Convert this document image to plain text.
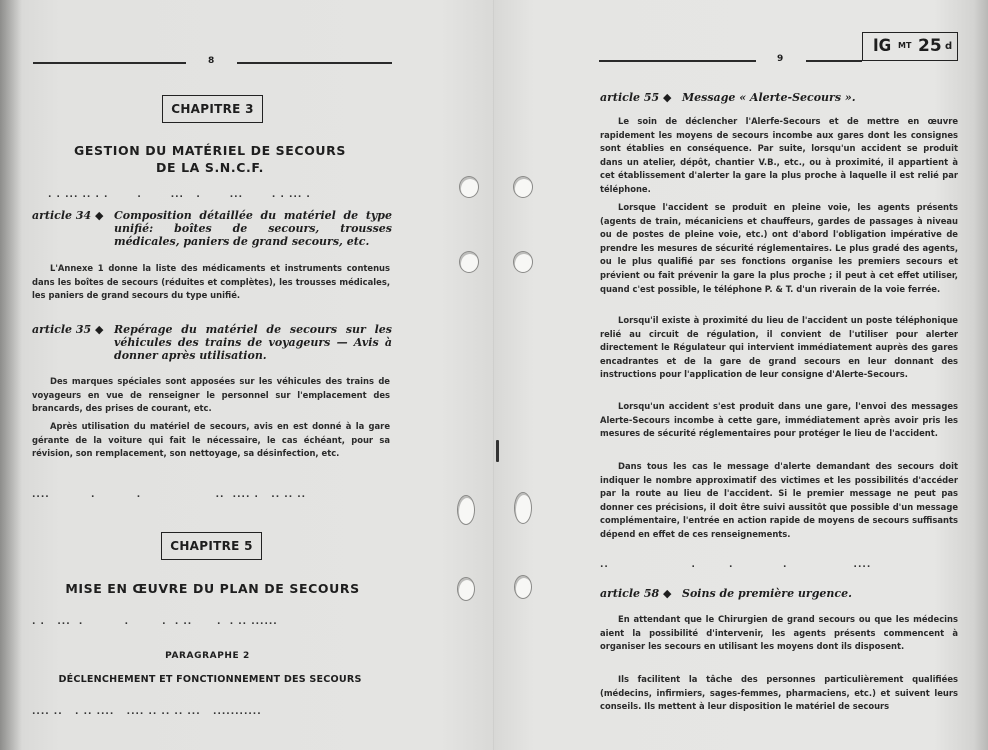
8
CHAPITRE 3
GESTION DU MATÉRIEL DE SECOURS
DE LA S.N.C.F.
. . ... .. . .       .       ...   .       ...       . . ... .
article 34 ◆ Composition détaillée du matériel de type unifié: boîtes de secours, trousses médicales, paniers de grand secours, etc.
L'Annexe 1 donne la liste des médicaments et instruments contenus dans les boîtes de secours (réduites et complètes), les trousses médicales, les paniers de grand secours du type unifié.
article 35 ◆ Repérage du matériel de secours sur les véhicules des trains de voyageurs — Avis à donner après utilisation.
Des marques spéciales sont apposées sur les véhicules des trains de voyageurs en vue de renseigner le personnel sur l'emplacement des brancards, des prises de courant, etc.
Après utilisation du matériel de secours, avis en est donné à la gare gérante de la voiture qui fait le nécessaire, le cas échéant, pour sa révision, son remplacement, son nettoyage, sa désinfection, etc.
....          .          .                  ..  .... .   .. .. ..
CHAPITRE 5
MISE EN ŒUVRE DU PLAN DE SECOURS
. .   ...  .          .        .  . ..      .  . .. ......
PARAGRAPHE 2
DÉCLENCHEMENT ET FONCTIONNEMENT DES SECOURS
.... ..   . .. ....   .... .. .. .. ...   ...........
9
IG MT 25 d
article 55 ◆ Message « Alerte-Secours ».
Le soin de déclencher l'Alerfe-Secours et de mettre en œuvre rapidement les moyens de secours incombe aux gares dont les consignes sont établies en conséquence. Par suite, lorsqu'un accident se produit dans un atelier, dépôt, chantier V.B., etc., ou à proximité, il appartient à cet établissement d'alerter la gare la plus proche à laquelle il est relié par téléphone.
Lorsque l'accident se produit en pleine voie, les agents présents (agents de train, mécaniciens et chauffeurs, gardes de passages à niveau ou de postes de pleine voie, etc.) ont d'abord l'obligation impérative de prendre les mesures de sécurité réglementaires. Le plus gradé des agents, ou le plus qualifié par ses fonctions organise les premiers secours et prévient ou fait prévenir la gare la plus proche ; il peut à cet effet utiliser, quand c'est possible, le téléphone P. & T. d'un riverain de la voie ferrée.
Lorsqu'il existe à proximité du lieu de l'accident un poste téléphonique relié au circuit de régulation, il convient de l'utiliser pour alerter directement le Régulateur qui intervient immédiatement auprès des gares encadrantes et de la gare de grand secours en leur donnant des instructions pour l'application de leur consigne d'Alerte-Secours.
Lorsqu'un accident s'est produit dans une gare, l'envoi des messages Alerte-Secours incombe à cette gare, immédiatement après avoir pris les mesures de sécurité réglementaires pour protéger le lieu de l'accident.
Dans tous les cas le message d'alerte demandant des secours doit indiquer le nombre approximatif des victimes et les possibilités d'accéder par la route au lieu de l'accident. Si le premier message ne peut pas donner ces précisions, il doit être suivi aussitôt que possible d'un message complémentaire, l'entrée en action rapide de moyens de secours suffisants dépend en effet de ces renseignements.
..                    .        .            .                ....
article 58 ◆ Soins de première urgence.
En attendant que le Chirurgien de grand secours ou que les médecins aient la possibilité d'intervenir, les agents présents commencent à organiser les secours en utilisant les moyens dont ils disposent.
Ils facilitent la tâche des personnes particulièrement qualifiées (médecins, infirmiers, sages-femmes, pharmaciens, etc.) et suivent leurs conseils. Ils mettent à leur disposition le matériel de secours
